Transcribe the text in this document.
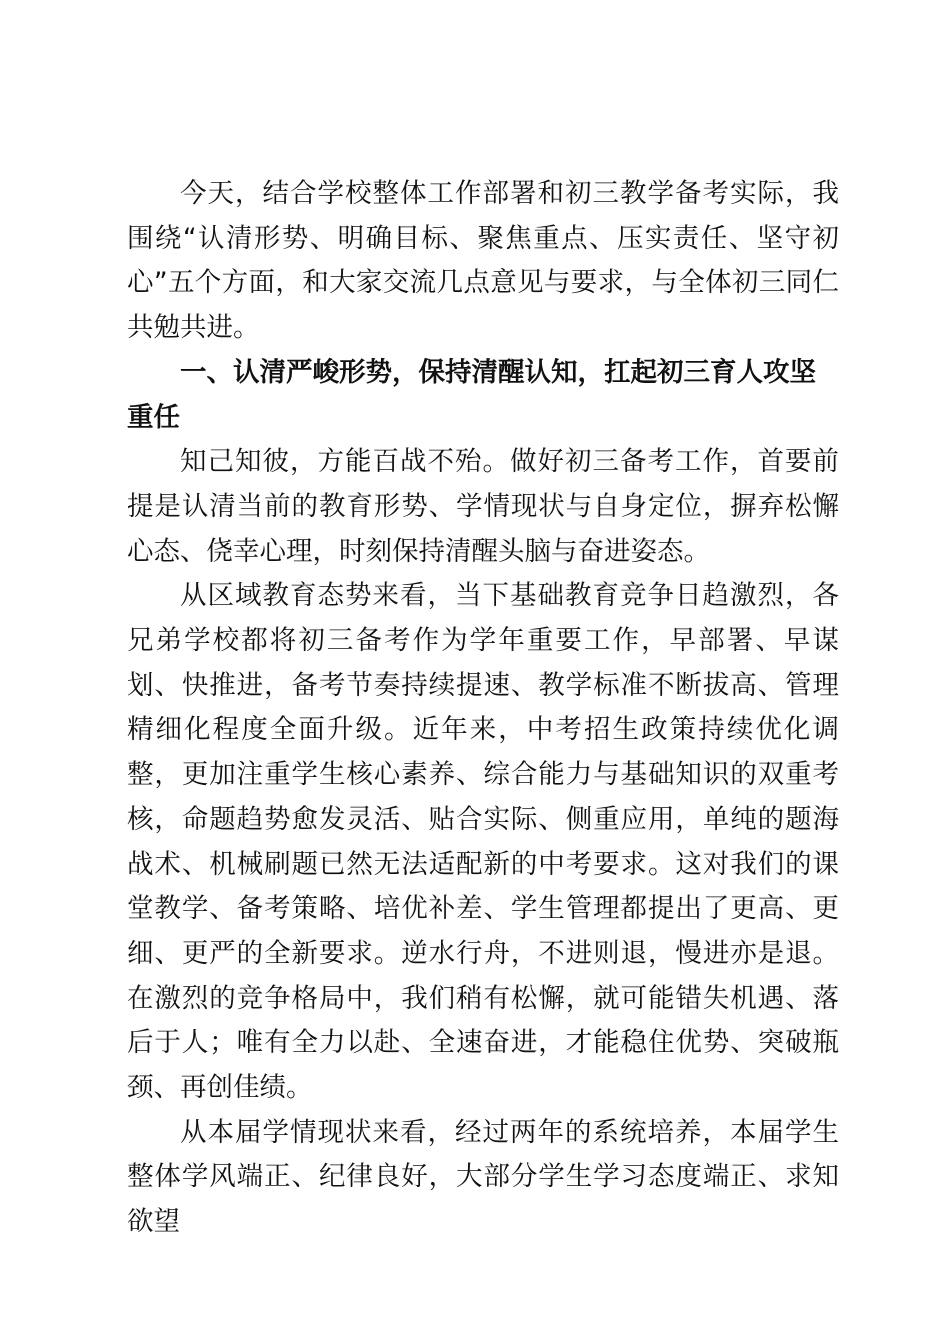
今天，结合学校整体工作部署和初三教学备考实际，我围绕“认清形势、明确目标、聚焦重点、压实责任、坚守初心”五个方面，和大家交流几点意见与要求，与全体初三同仁共勉共进。

一、认清严峻形势，保持清醒认知，扛起初三育人攻坚重任

知己知彼，方能百战不殆。做好初三备考工作，首要前提是认清当前的教育形势、学情现状与自身定位，摒弃松懈心态、侥幸心理，时刻保持清醒头脑与奋进姿态。

从区域教育态势来看，当下基础教育竞争日趋激烈，各兄弟学校都将初三备考作为学年重要工作，早部署、早谋划、快推进，备考节奏持续提速、教学标准不断拔高、管理精细化程度全面升级。近年来，中考招生政策持续优化调整，更加注重学生核心素养、综合能力与基础知识的双重考核，命题趋势愈发灵活、贴合实际、侧重应用，单纯的题海战术、机械刷题已然无法适配新的中考要求。这对我们的课堂教学、备考策略、培优补差、学生管理都提出了更高、更细、更严的全新要求。逆水行舟，不进则退，慢进亦是退。在激烈的竞争格局中，我们稍有松懈，就可能错失机遇、落后于人；唯有全力以赴、全速奋进，才能稳住优势、突破瓶颈、再创佳绩。

从本届学情现状来看，经过两年的系统培养，本届学生整体学风端正、纪律良好，大部分学生学习态度端正、求知欲望
